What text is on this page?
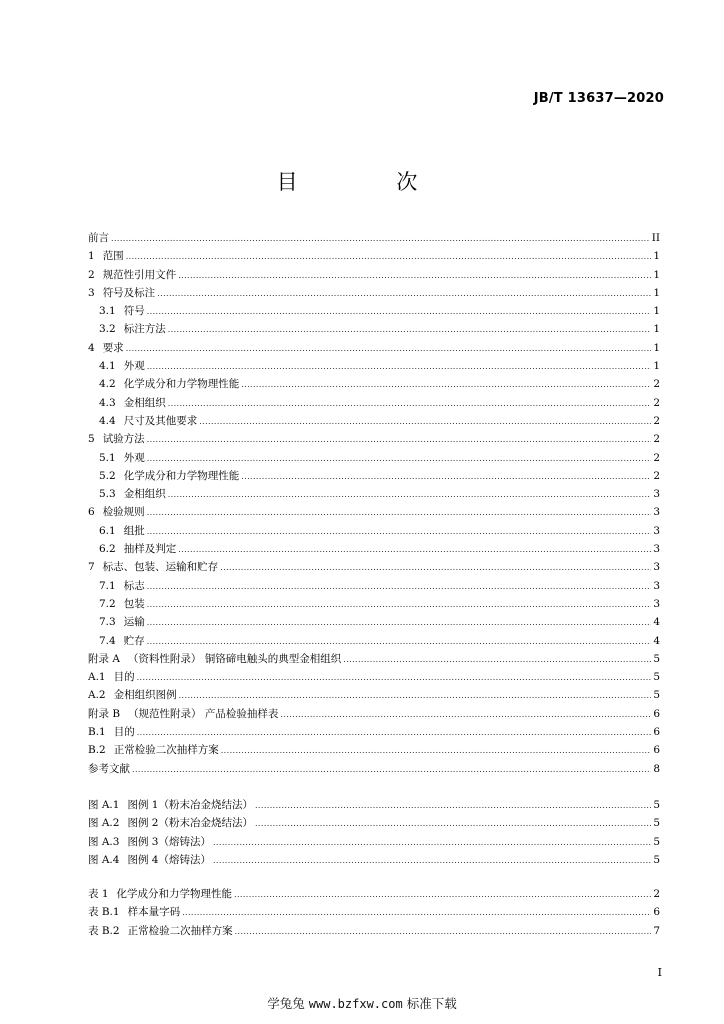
JB/T 13637—2020
目 次
前言 .....	II
1 范围 .....	1
2 规范性引用文件 .....	1
3 符号及标注 .....	1
3.1 符号 .....	1
3.2 标注方法 .....	1
4 要求 .....	1
4.1 外观 .....	1
4.2 化学成分和力学物理性能 .....	2
4.3 金相组织 .....	2
4.4 尺寸及其他要求 .....	2
5 试验方法 .....	2
5.1 外观 .....	2
5.2 化学成分和力学物理性能 .....	2
5.3 金相组织 .....	3
6 检验规则 .....	3
6.1 组批 .....	3
6.2 抽样及判定 .....	3
7 标志、包装、运输和贮存 .....	3
7.1 标志 .....	3
7.2 包装 .....	3
7.3 运输 .....	4
7.4 贮存 .....	4
附录 A （资料性附录） 铜铬碲电触头的典型金相组织 .....	5
A.1 目的 .....	5
A.2 金相组织图例 .....	5
附录 B （规范性附录） 产品检验抽样表 .....	6
B.1 目的 .....	6
B.2 正常检验二次抽样方案 .....	6
参考文献 .....	8
图 A.1 图例 1（粉末冶金烧结法） .....	5
图 A.2 图例 2（粉末冶金烧结法） .....	5
图 A.3 图例 3（熔铸法） .....	5
图 A.4 图例 4（熔铸法） .....	5
表 1 化学成分和力学物理性能 .....	2
表 B.1 样本量字码 .....	6
表 B.2 正常检验二次抽样方案 .....	7
I
学兔兔 www.bzfxw.com 标准下载
